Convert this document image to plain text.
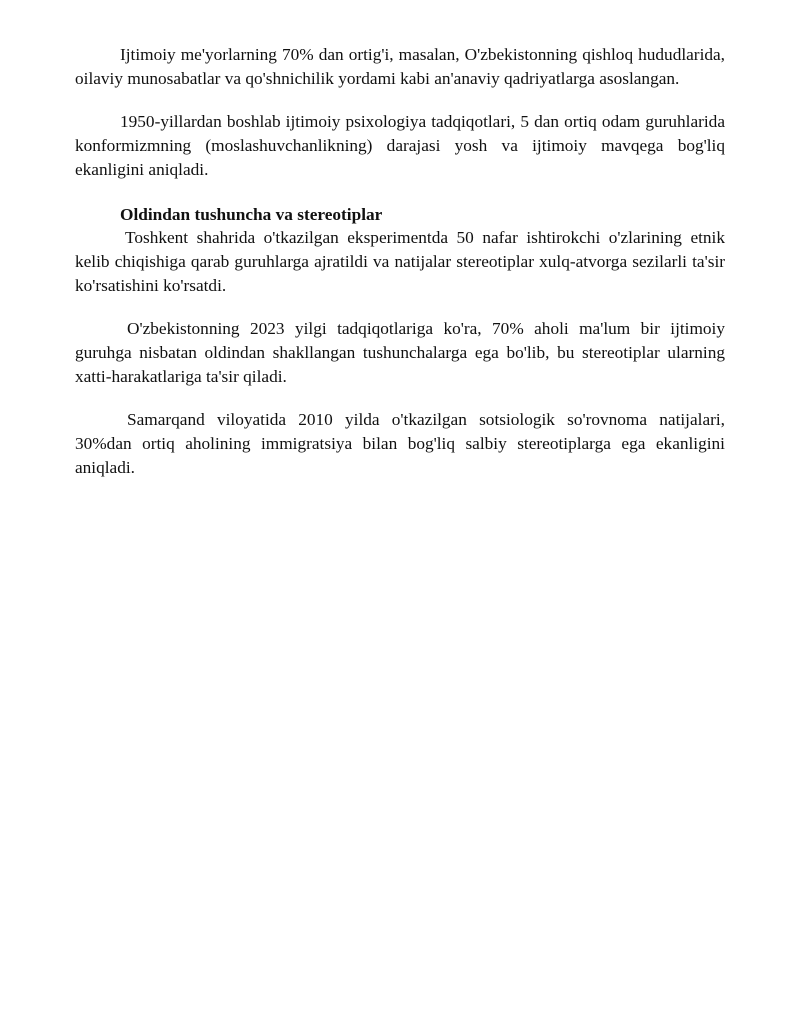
Ijtimoiy me'yorlarning 70% dan ortig'i, masalan, O'zbekistonning qishloq hududlarida, oilaviy munosabatlar va qo'shnichilik yordami kabi an'anaviy qadriyatlarga asoslangan.

1950-yillardan boshlab ijtimoiy psixologiya tadqiqotlari, 5 dan ortiq odam guruhlarida konformizmning (moslashuvchanlikning) darajasi yosh va ijtimoiy mavqega bog'liq ekanligini aniqladi.

Oldindan tushuncha va stereotiplar

Toshkent shahrida o'tkazilgan eksperimentda 50 nafar ishtirokchi o'zlarining etnik kelib chiqishiga qarab guruhlarga ajratildi va natijalar stereotiplar xulq-atvorga sezilarli ta'sir ko'rsatishini ko'rsatdi.

O'zbekistonning 2023 yilgi tadqiqotlariga ko'ra, 70% aholi ma'lum bir ijtimoiy guruhga nisbatan oldindan shakllangan tushunchalarga ega bo'lib, bu stereotiplar ularning xatti-harakatlariga ta'sir qiladi.

Samarqand viloyatida 2010 yilda o'tkazilgan sotsiologik so'rovnoma natijalari, 30%dan ortiq aholining immigratsiya bilan bog'liq salbiy stereotiplarga ega ekanligini aniqladi.
